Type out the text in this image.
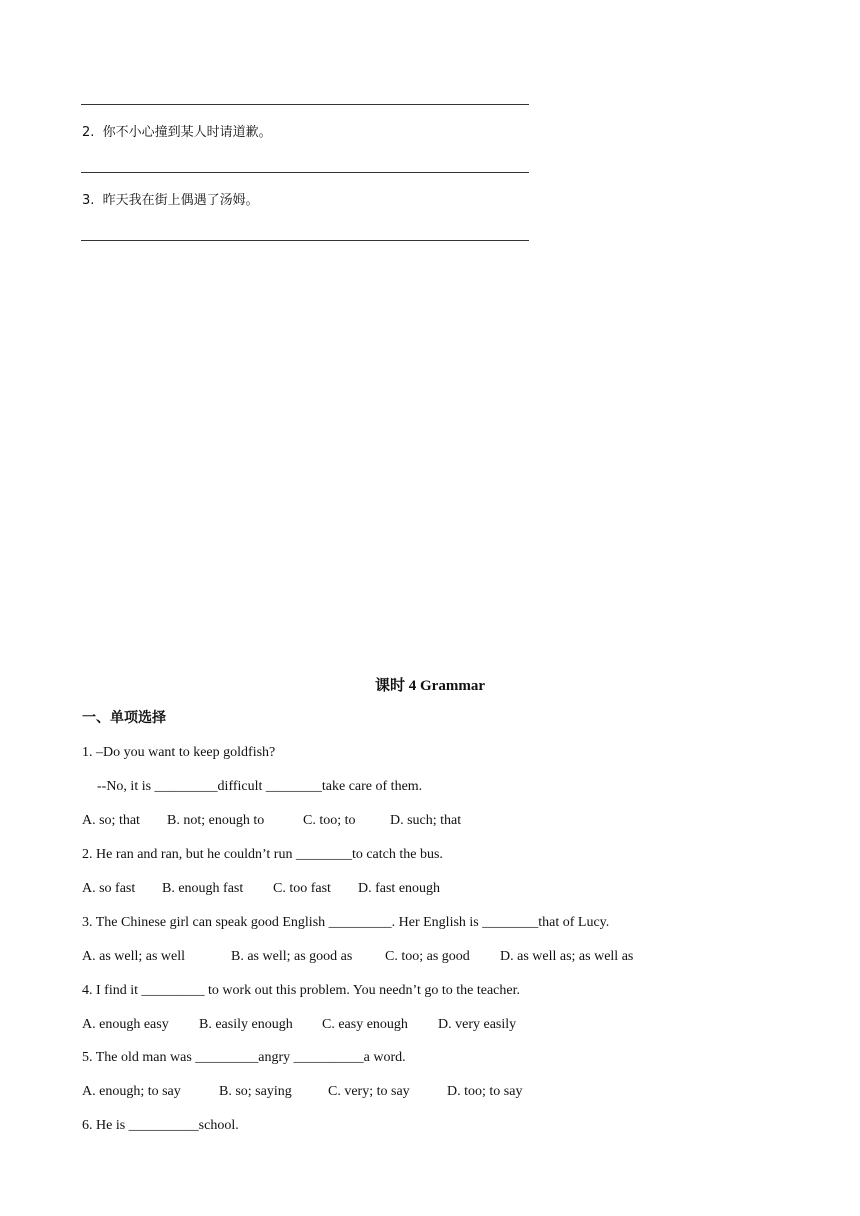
2.  你不小心撞到某人时请道歉。
3.  昨天我在街上偶遇了汤姆。
课时 4 Grammar
一、单项选择
1. –Do you want to keep goldfish?
--No, it is _________difficult ________take care of them.
A. so; that B. not; enough to	C. too; to D. such; that
2. He ran and ran, but he couldn’t run ________to catch the bus.
A. so fast B. enough fast C. too fast D. fast enough
3. The Chinese girl can speak good English _________. Her English is ________that of Lucy.
A. as well; as well	B. as well; as good as C. too; as good D. as well as; as well as
4. I find it _________ to work out this problem. You needn’t go to the teacher.
A. enough easy B. easily enough C. easy enough D. very easily
5. The old man was _________angry __________a word.
A. enough; to say	B. so; saying	C. very; to say	D. too; to say
6. He is __________school.
